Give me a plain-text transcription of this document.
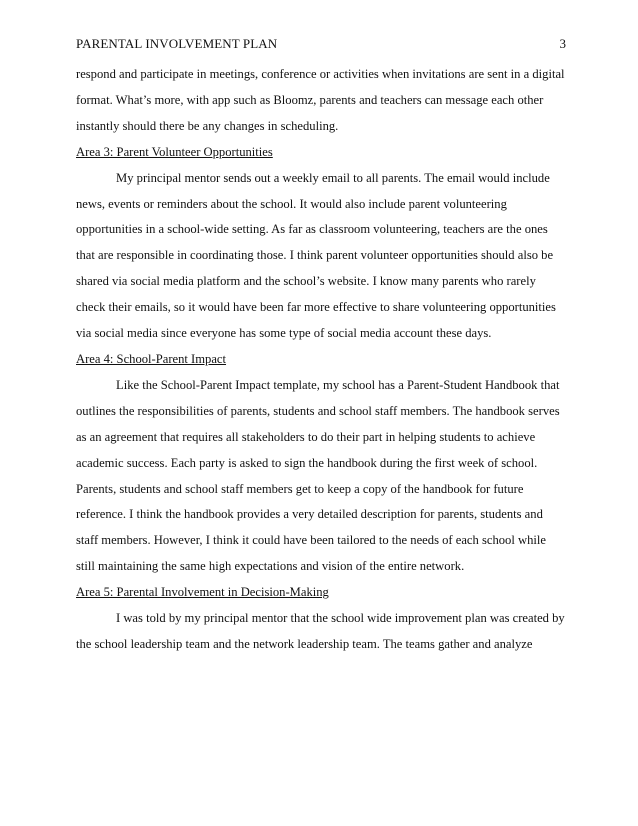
PARENTAL INVOLVEMENT PLAN	3
respond and participate in meetings, conference or activities when invitations are sent in a digital
format. What’s more, with app such as Bloomz, parents and teachers can message each other
instantly should there be any changes in scheduling.
Area 3: Parent Volunteer Opportunities
My principal mentor sends out a weekly email to all parents. The email would include
news, events or reminders about the school. It would also include parent volunteering
opportunities in a school-wide setting. As far as classroom volunteering, teachers are the ones
that are responsible in coordinating those. I think parent volunteer opportunities should also be
shared via social media platform and the school’s website. I know many parents who rarely
check their emails, so it would have been far more effective to share volunteering opportunities
via social media since everyone has some type of social media account these days.
Area 4: School-Parent Impact
Like the School-Parent Impact template, my school has a Parent-Student Handbook that
outlines the responsibilities of parents, students and school staff members. The handbook serves
as an agreement that requires all stakeholders to do their part in helping students to achieve
academic success. Each party is asked to sign the handbook during the first week of school.
Parents, students and school staff members get to keep a copy of the handbook for future
reference. I think the handbook provides a very detailed description for parents, students and
staff members. However, I think it could have been tailored to the needs of each school while
still maintaining the same high expectations and vision of the entire network.
Area 5: Parental Involvement in Decision-Making
I was told by my principal mentor that the school wide improvement plan was created by
the school leadership team and the network leadership team. The teams gather and analyze
